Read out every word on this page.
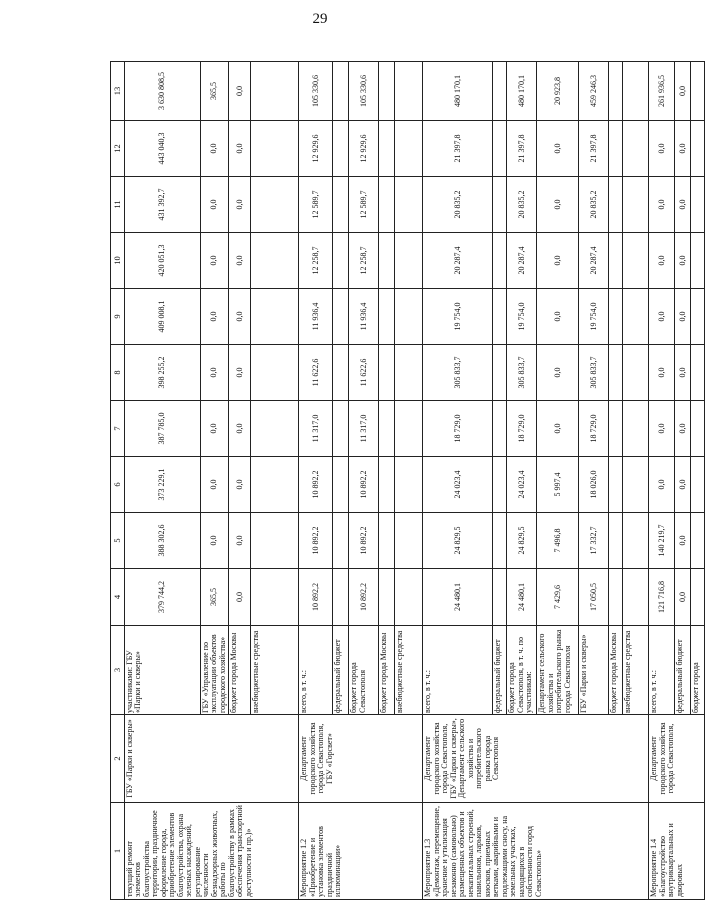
29
1	2	3	4	5	6	7	8	9	10	11	12	13
текущий ремонт элементов благоустройства территории, праздничное оформление города, приобретение элементов благоустройства, охрана зеленых насаждений, регулирование численности безнадзорных животных, работы по благоустройству в рамках обеспечения транспортной доступности и пр.)»	ГБУ «Парки и скверы»	участниками: ГБУ «Парки и скверы»	379 744,2	388 302,6	373 229,1	387 785,0	398 255,2	409 008,1	420 051,3	431 392,7	443 040,3	3 630 808,5
		ГБУ «Управление по эксплуатации объектов городского хозяйства»	365,5	0,0	0,0	0,0	0,0	0,0	0,0	0,0	0,0	365,5
		бюджет города Москвы	0,0	0,0	0,0	0,0	0,0	0,0	0,0	0,0	0,0	0,0
		внебюджетные средства										
Мероприятие 1.2 «Приобретение и установка элементов праздничной иллюминации»	Департамент городского хозяйства города Севастополя, ГБУ «Горсвет»	всего, в т. ч.:	10 892,2	10 892,2	10 892,2	11 317,0	11 622,6	11 936,4	12 258,7	12 589,7	12 929,6	105 330,6
		федеральный бюджет										
		бюджет города Севастополя	10 892,2	10 892,2	10 892,2	11 317,0	11 622,6	11 936,4	12 258,7	12 589,7	12 929,6	105 330,6
		бюджет города Москвы										
		внебюджетные средства										
Мероприятие 1.3 «Демонтаж, перемещение, хранение и утилизация незаконно (самовольно) размещенных объектов и некапитальных строений, павильонов, ларьков, киосков, приемных ветками, аварийными и подлежащими сносу, на земельных участках, находящихся в собственности город Севастополь»	Департамент городского хозяйства города Севастополя, ГБУ «Парки и скверы», Департамент сельского хозяйства и потребительского рынка города Севастополя	всего, в т. ч.:	24 480,1	24 829,5	24 023,4	18 729,0	305 833,7	19 754,0	20 287,4	20 835,2	21 397,8	480 170,1
		федеральный бюджет										
		бюджет города Севастополя, в т. ч. по участникам:	24 480,1	24 829,5	24 023,4	18 729,0	305 833,7	19 754,0	20 287,4	20 835,2	21 397,8	480 170,1
		Департамент сельского хозяйства и потребительского рынка города Севастополя	7 429,6	7 496,8	5 997,4	0,0	0,0	0,0	0,0	0,0	0,0	20 923,8
		ГБУ «Парки и скверы»	17 050,5	17 332,7	18 026,0	18 729,0	305 833,7	19 754,0	20 287,4	20 835,2	21 397,8	459 246,3
		бюджет города Москвы										
		внебюджетные средства										
Мероприятие 1.4 «Благоустройство внутриквартальных и дворовых	Департамент городского хозяйства города Севастополя,	всего, в т. ч.:	121 716,8	140 219,7	0,0	0,0	0,0	0,0	0,0	0,0	0,0	261 936,5
		федеральный бюджет	0,0	0,0	0,0	0,0	0,0	0,0	0,0	0,0	0,0	0,0
		бюджет города										
